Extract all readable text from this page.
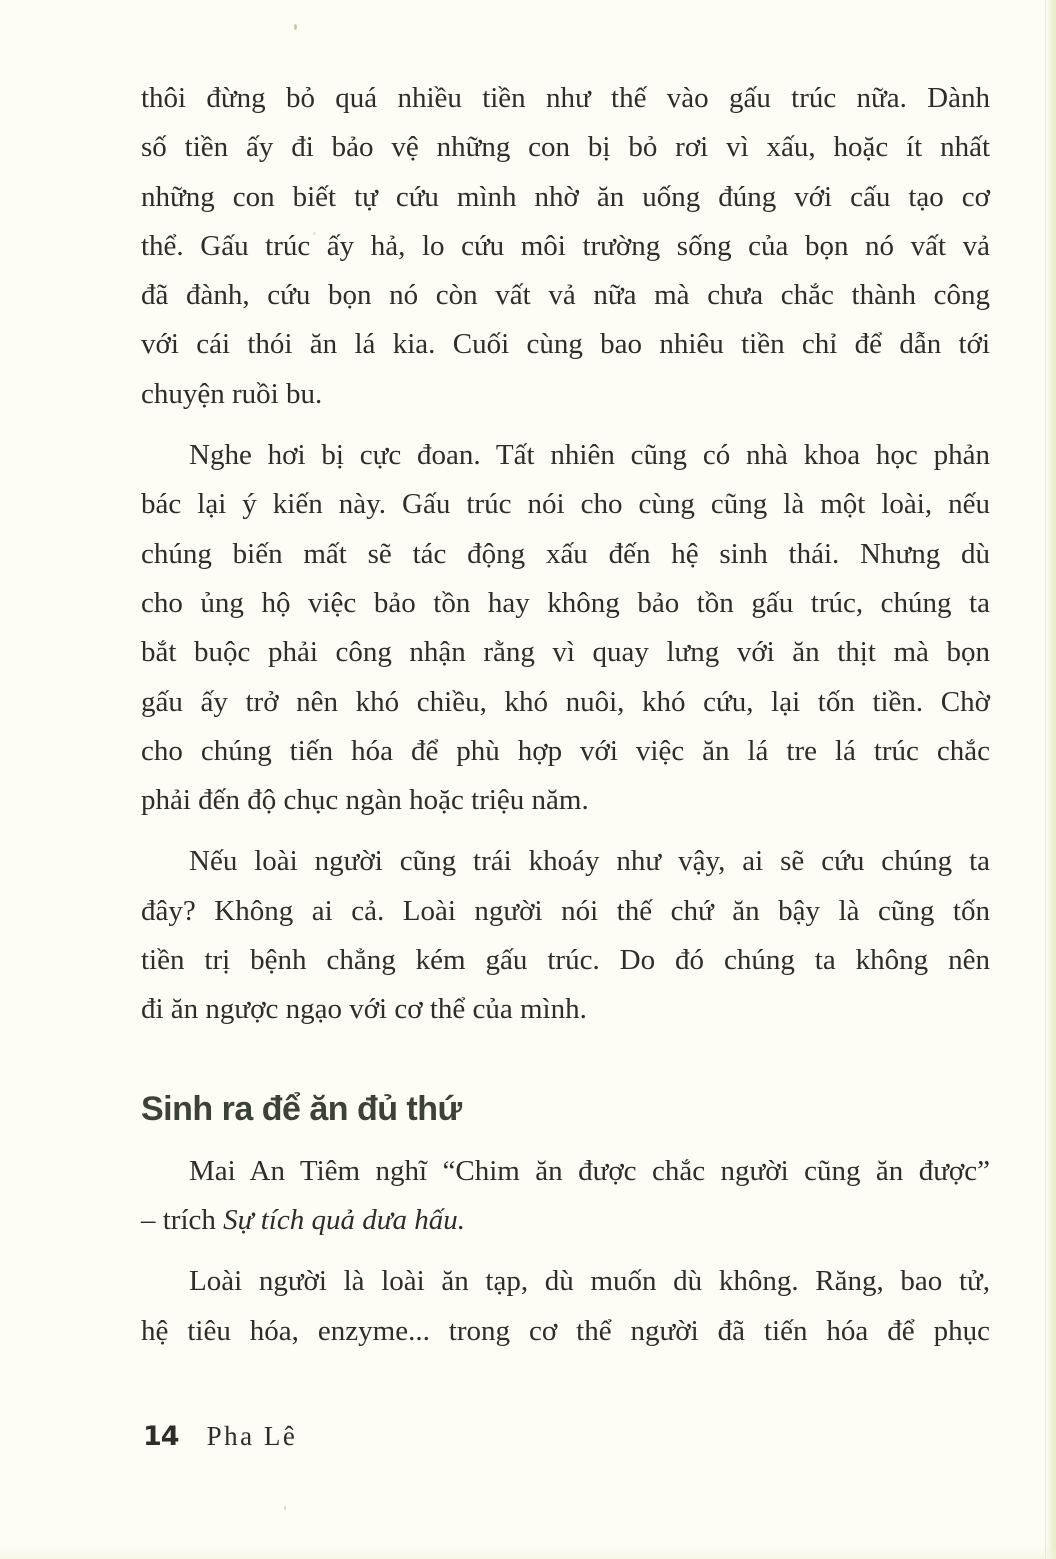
thôi đừng bỏ quá nhiều tiền như thế vào gấu trúc nữa. Dành

số tiền ấy đi bảo vệ những con bị bỏ rơi vì xấu, hoặc ít nhất

những con biết tự cứu mình nhờ ăn uống đúng với cấu tạo cơ

thể. Gấu trúc ấy hả, lo cứu môi trường sống của bọn nó vất vả

đã đành, cứu bọn nó còn vất vả nữa mà chưa chắc thành công

với cái thói ăn lá kia. Cuối cùng bao nhiêu tiền chỉ để dẫn tới

chuyện ruồi bu.

Nghe hơi bị cực đoan. Tất nhiên cũng có nhà khoa học phản

bác lại ý kiến này. Gấu trúc nói cho cùng cũng là một loài, nếu

chúng biến mất sẽ tác động xấu đến hệ sinh thái. Nhưng dù

cho ủng hộ việc bảo tồn hay không bảo tồn gấu trúc, chúng ta

bắt buộc phải công nhận rằng vì quay lưng với ăn thịt mà bọn

gấu ấy trở nên khó chiều, khó nuôi, khó cứu, lại tốn tiền. Chờ

cho chúng tiến hóa để phù hợp với việc ăn lá tre lá trúc chắc

phải đến độ chục ngàn hoặc triệu năm.

Nếu loài người cũng trái khoáy như vậy, ai sẽ cứu chúng ta

đây? Không ai cả. Loài người nói thế chứ ăn bậy là cũng tốn

tiền trị bệnh chẳng kém gấu trúc. Do đó chúng ta không nên

đi ăn ngược ngạo với cơ thể của mình.

Sinh ra để ăn đủ thứ

Mai An Tiêm nghĩ “Chim ăn được chắc người cũng ăn được”

– trích Sự tích quả dưa hấu.

Loài người là loài ăn tạp, dù muốn dù không. Răng, bao tử,

hệ tiêu hóa, enzyme... trong cơ thể người đã tiến hóa để phục

14 Pha Lê
